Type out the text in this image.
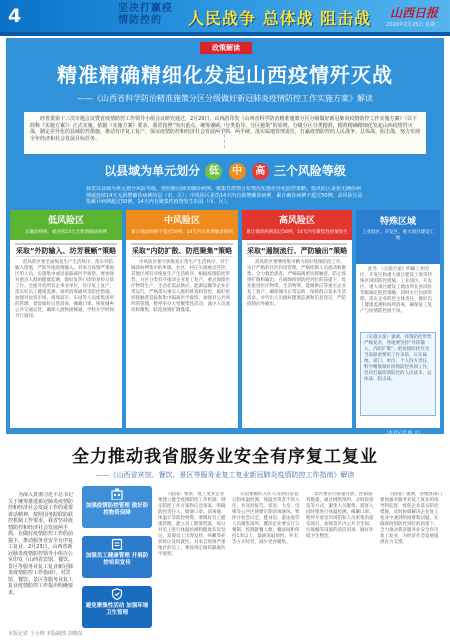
4	坚决打赢疫情防控的	人民战争 总体战 阻击战 山西日报
2020年2月25日 星期二
政策解读
精准精确精细化发起山西疫情歼灭战
——《山西省科学防治精准施策分区分级做好新冠肺炎疫情防控工作实施方案》解读
经省委第十三次专题会议暨省疫情防控工作领导小组会议研究通过，2月20日，山西省印发《山西省科学防治精准施策分区分级做好新冠肺炎疫情防控工作实施方案》（以下简称《实施方案》）正式实施。依据《实施方案》要求，我省按照“突出重点、统筹兼顾，分类指导、分区施策”的原则，分级分区分类精准，精准精确精细化发起山西疫情歼灭战，制定差异化的县域防控措施，推动有序复工复产，保证疫情防控和经济社会发展两手抓、两手硬。落实属地管理责任，打赢疫情防控的人民战争、总体战、阻击战，努力实现全年经济和社会发展目标任务。
以县域为单元划分 低 中 高 三个风险等级
我省以县域为单元划分风险等级，按照新冠肺炎确诊病例、聚集性疫情分布情况实施差异化防控策略。低风险区是指无确诊病例或连续14天无新增确诊病例的县（市、区）；中风险区是指14天内有新增确诊病例，累计确诊病例不超过50例；高风险区是指累计病例超过50例，14天内有聚集性疫情发生的县（市、区）。
低风险区
无确诊病例，或连续14天无新增确诊病例
采取“外防输入、坊芳蓑蜥”策略
低风险区要全面恢复生产生活秩序，落实外防输入措施，严防外地疫情输入。对来自疫情严重地区的人员，实施集中或居家隔离医学观察。要加强对重点人群的健康监测，做好发热门诊的预检分诊工作。全面开放所有企事业单位，有序复工复产，落实好员工健康监测、场所消毒通风等防控措施。加强对农贸市场、商场超市、车站等人员密集场所的管理，督促做好日常消毒，佩戴口罩。恢复城乡公共交通运营，确保人流物流畅通。学校开学时间另行通知。
中风险区
累计确诊病例不超过50例，14天内有新增确诊病例
采取“内防扩散、防范聚集”策略
中风险区要尽快恢复正常生产生活秩序。对于确诊病例集中的乡镇、社区、村庄实施重点管控，其他区域有序恢复生产生活秩序。根据疫情防控形势，分区分类有序推动企业复工复产，重点保障医疗物资生产、生活必需品供应、能源运输等企业正常运行。严格落实重点人群的排查和管控，做好密切接触者追踪和集中隔离医学观察。加强对公共场所的管理，暂停举办大型聚集性活动，减少人员流动和聚集，防范疫情扩散蔓延。
高风险区
累计确诊病例超过50例，14天内有聚集性疫情发生
采取“遏制流行、严防输出”策略
高风险区要继续集中精力抓好疫情防控工作。实行严格的社区封闭管理，严格控制人员流动和聚集，全力救治患者，严格隔离密切接触者，防止疫情扩散和输出。在确保疫情防控到位的前提下，优先推进医疗物资、生活物资、能源供应等重点企业复工复产。确保城市正常运转，保障群众基本生活需求。对外出人员做好健康监测和信息登记，严防疫情向外输出。
特殊区域
工业园区、开发区、重大项目建设工地
此外，《实施方案》明确工业园区、开发区和重大项目建设工地等特殊区域的防控措施，工业园区、开发区、重大项目建设工地由所在县风险等级确定防控策略，同时实行封闭管理，落实企业防控主体责任，做好员工健康监测和场所消毒，确保复工复产与疫情防控两不误。
《实施方案》强调，疫情防控形势严峻复杂，各地要坚持“外防输入、内防扩散”，把疫情防控作为当前最重要的工作来抓，压实属地、部门、单位、个人四方责任，科学精准做好疫情防控各项工作，坚决打赢疫情防控的人民战争、总体战、阻击战。
（本刊记者 杨 文）
全力推动我省服务业安全有序复工复业
——《山西省宾馆、餐饮、景区等服务业复工复业新冠肺炎疫情防控工作指南》解读
为深入贯彻习近平总书记关于统筹推进新冠肺炎疫情防控和经济社会发展工作的重要讲话精神，按照国务院联防联控机制工作要求，我省坚持疫情防控和经济社会发展两手抓，在做好疫情防控工作的前提下，推动服务业安全有序复工复业。2月23日，山西省新冠肺炎疫情防控领导小组办公室印发《山西省宾馆、餐饮、景区等服务业复工复业新冠肺炎疫情防控工作指南》，对宾馆、餐饮、景区等服务业复工复业疫情防控工作提出明确要求。
加强疫情防控管理 做好防控物资保障
加强员工健康管理 开展防控培训宣传
避免聚集性活动 加强环境卫生管理
《指南》要求，复工复业企业要建立健全疫情防控工作机制，制定防控工作方案和应急预案，明确防控责任人，储备口罩、消毒液、体温计等防控物资。要做好员工健康管理，建立员工健康档案，每日对员工进行体温检测和健康状况登记，发现员工出现发热、咳嗽等症状时应及时就医。对来自疫情严重地区的员工，要按规定做好隔离医学观察。
宾馆要做好入住人员的信息登记和体温检测，体温异常者不得入住，并及时报告。客房、大堂、电梯等公共区域要定期消毒通风。暂停开放会议室、健身房、游泳池等人员聚集场所。餐饮企业要实行分餐制，控制就餐人数，餐桌间距保持1米以上，鼓励采取预约、外卖等方式经营，减少堂食聚集。
景区要实行限量开放，控制游客数量，通过网络预约、分时段游览等方式，避免人员聚集。游客入园时要进行体温检测，佩戴口罩。暂停开放室内场馆和人员密集的游乐项目。加强景区内公共卫生间、垃圾桶等设施的清洁消毒，做好环境卫生整治。
《指南》强调，各地各部门要加强对服务业复工复业的指导和监督，督促企业落实防控措施，及时协调解决企业复工复业中遇到的困难和问题，在确保疫情防控到位的前提下，全力推动我省服务业安全有序复工复业，为经济社会发展提供有力支撑。
本版记者 王小帅 本版制图 刘晓东
